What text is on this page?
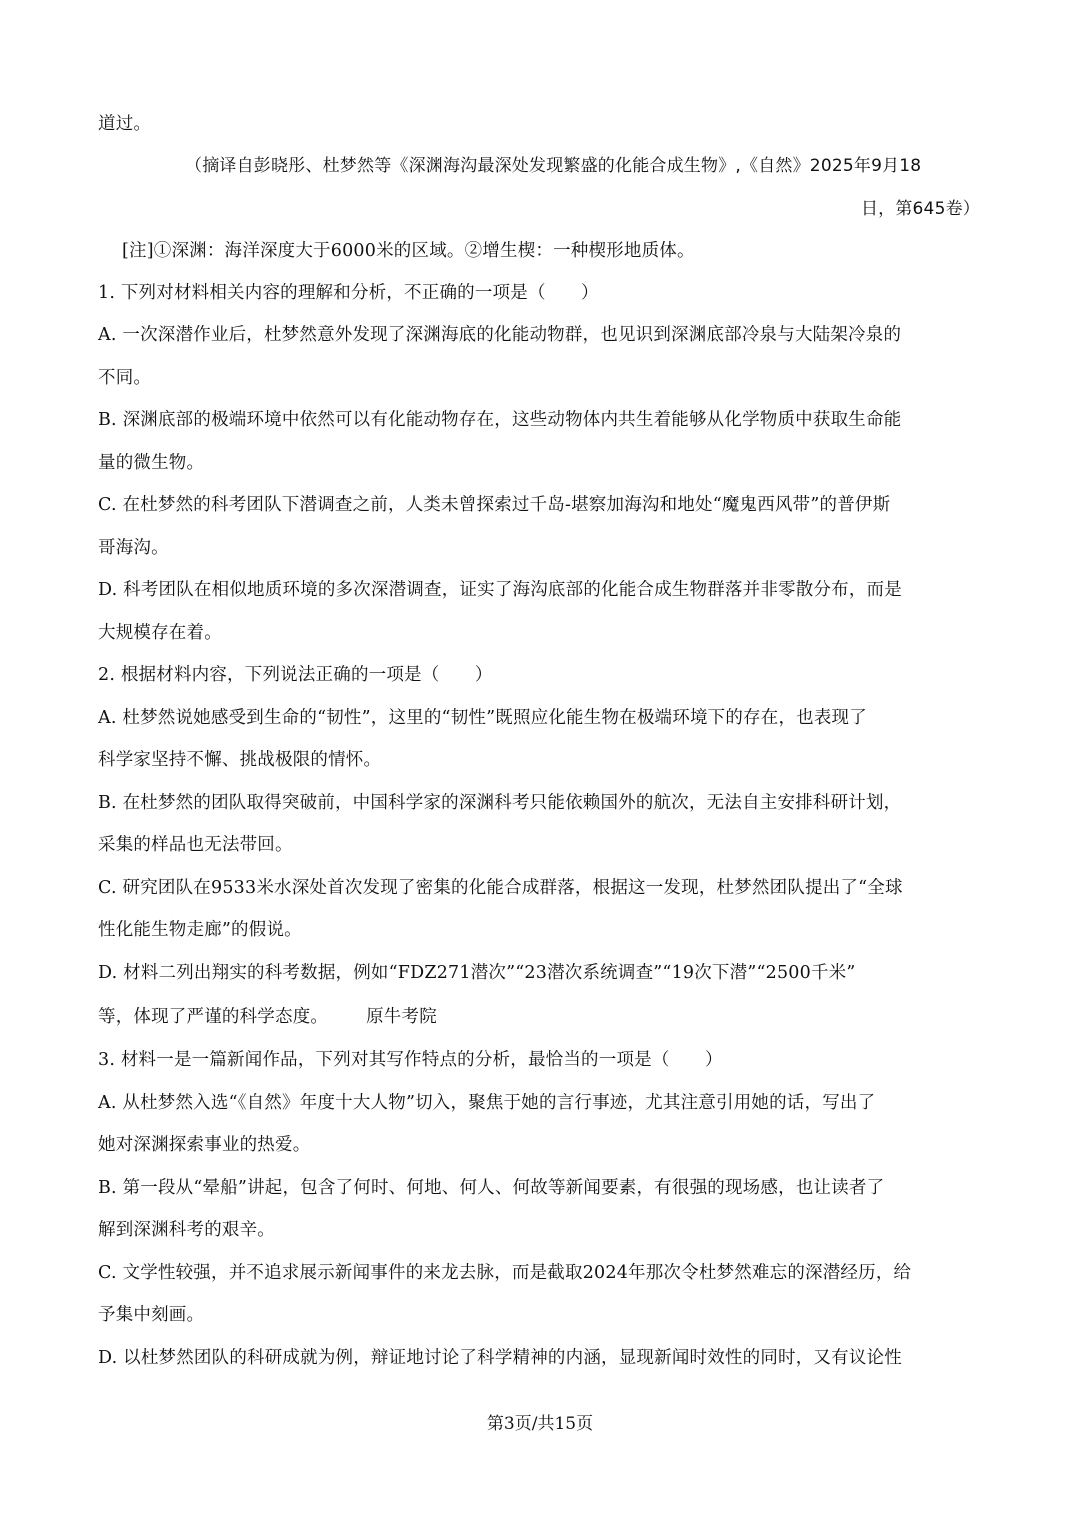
道过。
（摘译自彭晓彤、杜梦然等《深渊海沟最深处发现繁盛的化能合成生物》,《自然》2025年9月18
日，第645卷）
[注]①深渊：海洋深度大于6000米的区域。②增生楔：一种楔形地质体。
1. 下列对材料相关内容的理解和分析，不正确的一项是（　　）
A. 一次深潜作业后，杜梦然意外发现了深渊海底的化能动物群，也见识到深渊底部冷泉与大陆架冷泉的
不同。
B. 深渊底部的极端环境中依然可以有化能动物存在，这些动物体内共生着能够从化学物质中获取生命能
量的微生物。
C. 在杜梦然的科考团队下潜调查之前，人类未曾探索过千岛-堪察加海沟和地处“魔鬼西风带”的普伊斯
哥海沟。
D. 科考团队在相似地质环境的多次深潜调查，证实了海沟底部的化能合成生物群落并非零散分布，而是
大规模存在着。
2. 根据材料内容，下列说法正确的一项是（　　）
A. 杜梦然说她感受到生命的“韧性”，这里的“韧性”既照应化能生物在极端环境下的存在，也表现了
科学家坚持不懈、挑战极限的情怀。
B. 在杜梦然的团队取得突破前，中国科学家的深渊科考只能依赖国外的航次，无法自主安排科研计划，
采集的样品也无法带回。
C. 研究团队在9533米水深处首次发现了密集的化能合成群落，根据这一发现，杜梦然团队提出了“全球
性化能生物走廊”的假说。
D. 材料二列出翔实的科考数据，例如“FDZ271潜次”“23潜次系统调查”“19次下潜”“2500千米”
等，体现了严谨的科学态度。 原牛考院
3. 材料一是一篇新闻作品，下列对其写作特点的分析，最恰当的一项是（　　）
A. 从杜梦然入选“《自然》年度十大人物”切入，聚焦于她的言行事迹，尤其注意引用她的话，写出了
她对深渊探索事业的热爱。
B. 第一段从“晕船”讲起，包含了何时、何地、何人、何故等新闻要素，有很强的现场感，也让读者了
解到深渊科考的艰辛。
C. 文学性较强，并不追求展示新闻事件的来龙去脉，而是截取2024年那次令杜梦然难忘的深潜经历，给
予集中刻画。
D. 以杜梦然团队的科研成就为例，辩证地讨论了科学精神的内涵，显现新闻时效性的同时，又有议论性
第3页/共15页
